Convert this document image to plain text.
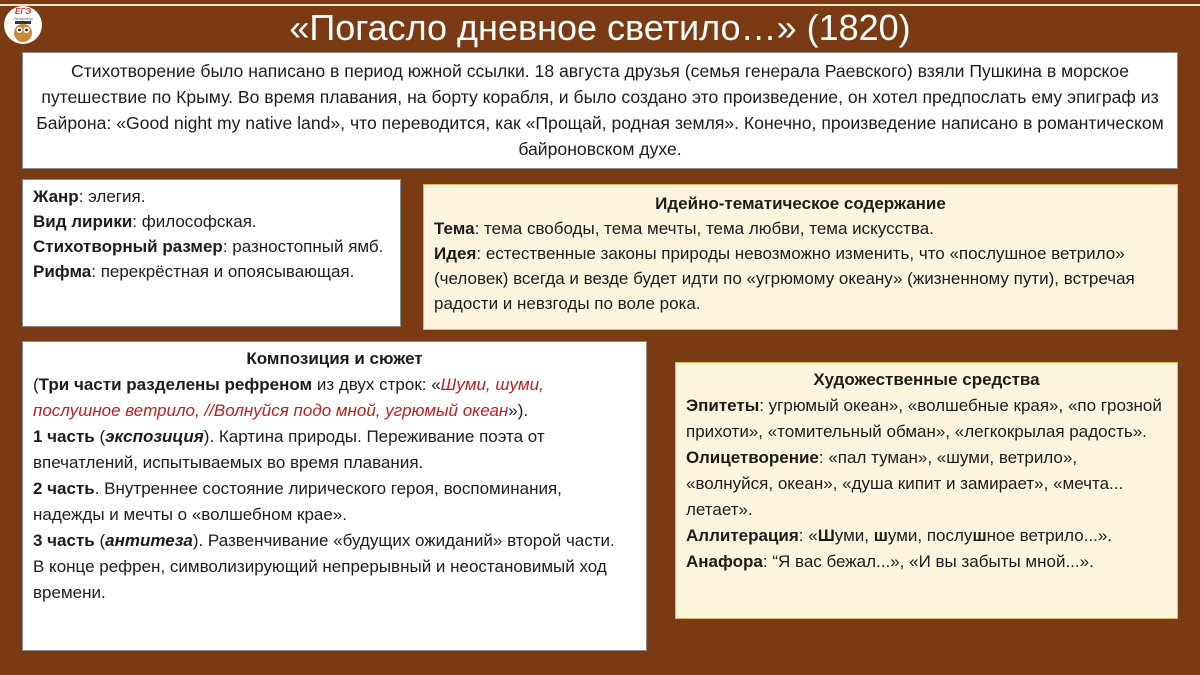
ЕГЭ
Литератор	«Погасло дневное светило…» (1820)

Стихотворение было написано в период южной ссылки. 18 августа друзья (семья генерала Раевского) взяли Пушкина в морское путешествие по Крыму. Во время плавания, на борту корабля, и было создано это произведение, он хотел предпослать ему эпиграф из Байрона: «Good night my native land», что переводится, как «Прощай, родная земля». Конечно, произведение написано в романтическом байроновском духе.

Жанр: элегия.

Вид лирики: философская.

Стихотворный размер: разностопный ямб.

Рифма: перекрёстная и опоясывающая.

Идейно-тематическое содержание

Тема: тема свободы, тема мечты, тема любви, тема искусства.

Идея: естественные законы природы невозможно изменить, что «послушное ветрило» (человек) всегда и везде будет идти по «угрюмому океану» (жизненному пути), встречая радости и невзгоды по воле рока.

Композиция и сюжет

(Три части разделены рефреном из двух строк: «Шуми, шуми, послушное ветрило, //Волнуйся подо мной, угрюмый океан»).

1 часть (экспозиция). Картина природы. Переживание поэта от впечатлений, испытываемых во время плавания.

2 часть. Внутреннее состояние лирического героя, воспоминания, надежды и мечты о «волшебном крае».

3 часть (антитеза). Развенчивание «будущих ожиданий» второй части.

В конце рефрен, символизирующий непрерывный и неостановимый ход времени.

Художественные средства

Эпитеты: угрюмый океан», «волшебные края», «по грозной прихоти», «томительный обман», «легкокрылая радость».

Олицетворение: «пал туман», «шуми, ветрило», «волнуйся, океан», «душа кипит и замирает», «мечта... летает».

Аллитерация: «Шуми, шуми, послушное ветрило...».

Анафора: “Я вас бежал...», «И вы забыты мной...».
